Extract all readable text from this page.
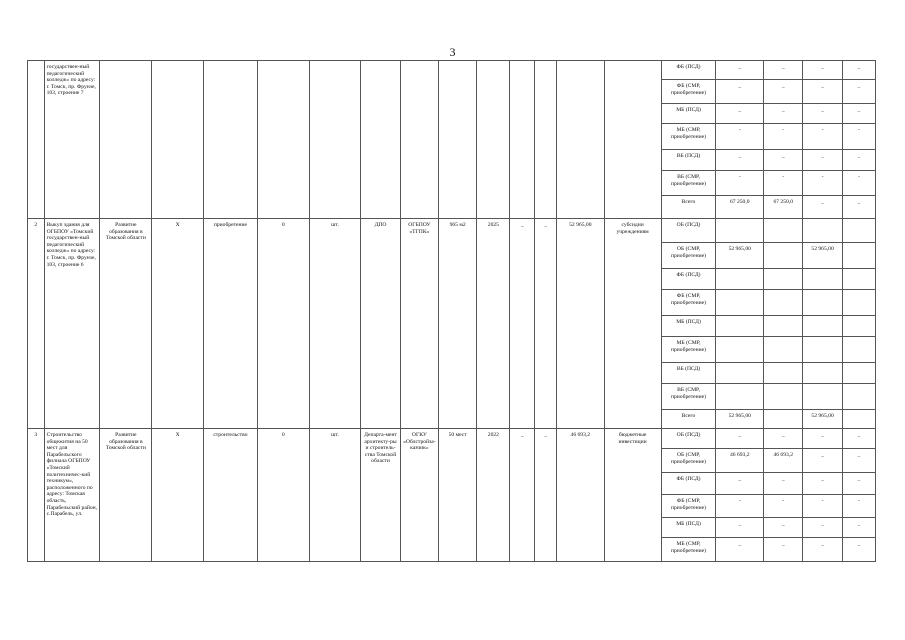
3
	государствен-ный педагогический колледж» по адресу: г. Томск, пр. Фрунзе, 103, строение 7														ФБ (ПСД)	_	_	_	_
															ФБ (СМР, приобретение)	_	_	_	_
															МБ (ПСД)	_	_	_	_
															МБ (СМР, приобретение)	-	-	-	-
															ВБ (ПСД)	_	_	_	_
															ВБ (СМР, приобретение)	-	-	-	-
															Всего	67 250,0	67 250,0	_	_
2	Выкуп здания для ОГБПОУ «Томский государствен-ный педагогический колледж» по адресу: г. Томск, пр. Фрунзе, 103, строение 6	Развитие образования в Томской области	Х	приобретение	0	шт.	ДПО	ОГБПОУ «ТГПК»	965 м2	2025	_	_	52 965,00	субсидии учреждениям	ОБ (ПСД)				
															ОБ (СМР, приобретение)	52 965,00		52 965,00	
															ФБ (ПСД)				
															ФБ (СМР, приобретение)				
															МБ (ПСД)				
															МБ (СМР, приобретение)				
															ВБ (ПСД)				
															ВБ (СМР, приобретение)				
															Всего	52 965,00		52 965,00	
3	Строительство общежития на 50 мест для Парабельского филиала ОГБПОУ «Томский политехничес-кий техникум», расположенного по адресу: Томская область, Парабельский район, с.Парабель, ул.	Развитие образования в Томской области	Х	строительство	0	шт.	Департа-мент архитекту-ры и строитель-ства Томской области	ОГКУ «Облстройза-казчик»	50 мест	2022	_	_	46 693,2	бюджетные инвестиции	ОБ (ПСД)	_	_	_	_
															ОБ (СМР, приобретение)	46 693,2	46 693,2	_	_
															ФБ (ПСД)	_	_	_	_
															ФБ (СМР, приобретение)	-	-	-	-
															МБ (ПСД)	_	_	_	_
															МБ (СМР, приобретение)	_	_	_	_
